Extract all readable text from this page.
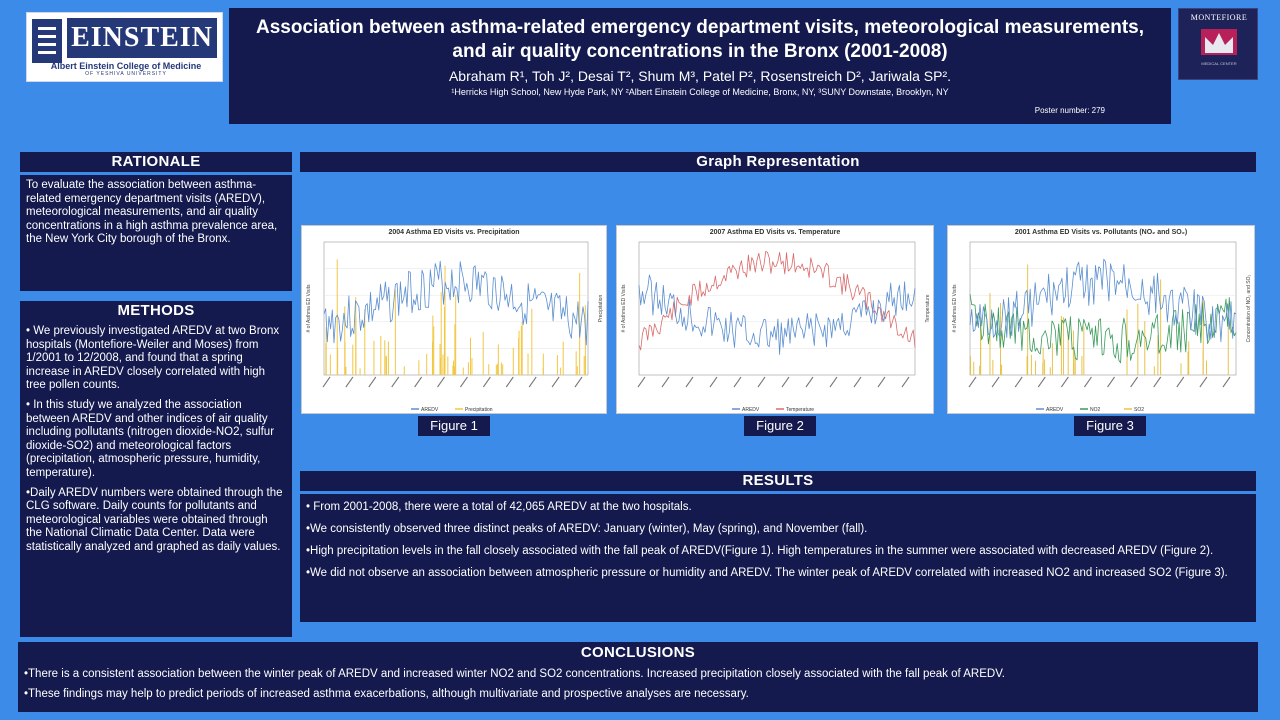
EINSTEIN
Albert Einstein College of Medicine
OF YESHIVA UNIVERSITY
MONTEFIORE
MEDICAL CENTER
Association between asthma-related emergency department visits, meteorological measurements, and air quality concentrations in the Bronx (2001-2008)
Abraham R¹, Toh J², Desai T², Shum M³, Patel P², Rosenstreich D², Jariwala SP².
¹Herricks High School, New Hyde Park, NY ²Albert Einstein College of Medicine, Bronx, NY, ³SUNY Downstate, Brooklyn, NY
Poster number: 279
RATIONALE

To evaluate the association between asthma-related emergency department visits (AREDV), meteorological measurements, and air quality concentrations in a high asthma prevalence area, the New York City borough of the Bronx.

METHODS

• We previously investigated AREDV at two Bronx hospitals (Montefiore-Weiler and Moses) from 1/2001 to 12/2008, and found that a spring increase in AREDV closely correlated with high tree pollen counts.

• In this study we analyzed the association between AREDV and other indices of air quality including pollutants (nitrogen dioxide-NO2, sulfur dioxide-SO2) and meteorological factors (precipitation, atmospheric pressure, humidity, temperature).

•Daily AREDV numbers were obtained through the CLG software. Daily counts for pollutants and meteorological variables were obtained through the National Climatic Data Center. Data were statistically analyzed and graphed as daily values.

Graph Representation
# of Asthma ED Visits	Precipitation
AREDV	Precipitation
2004 Asthma ED Visits vs. Precipitation
Figure 1
# of Asthma ED Visits	Temperature
AREDV	Temperature
2007 Asthma ED Visits vs. Temperature
Figure 2
# of Asthma ED Visits	Concentration of NO₂ and SO₂
AREDV	NO2	SO2
2001 Asthma ED Visits vs. Pollutants (NO₂ and SO₂)
Figure 3
RESULTS

• From 2001-2008, there were a total of 42,065 AREDV at the two hospitals.

•We consistently observed three distinct peaks of AREDV: January (winter), May (spring), and November (fall).

•High precipitation levels in the fall closely associated with the fall peak of AREDV(Figure 1). High temperatures in the summer were associated with decreased AREDV (Figure 2).

•We did not observe an association between atmospheric pressure or humidity and AREDV. The winter peak of AREDV correlated with increased NO2 and increased SO2 (Figure 3).

CONCLUSIONS

•There is a consistent association between the winter peak of AREDV and increased winter NO2 and SO2 concentrations. Increased precipitation closely associated with the fall peak of AREDV.

•These findings may help to predict periods of increased asthma exacerbations, although multivariate and prospective analyses are necessary.
